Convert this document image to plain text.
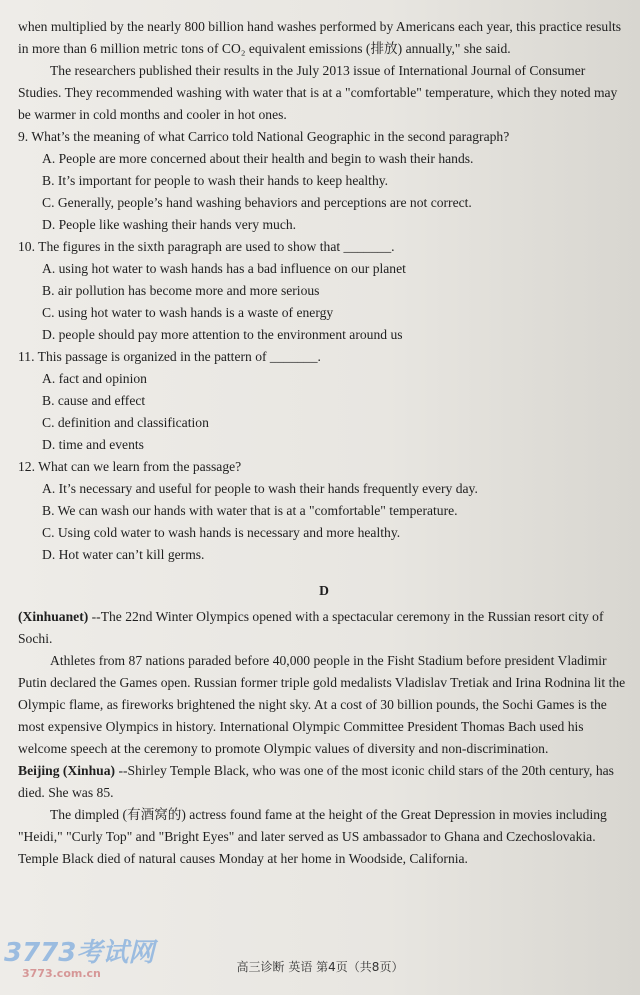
when multiplied by the nearly 800 billion hand washes performed by Americans each year, this practice results in more than 6 million metric tons of CO₂ equivalent emissions (排放) annually," she said.

The researchers published their results in the July 2013 issue of International Journal of Consumer Studies. They recommended washing with water that is at a "comfortable" temperature, which they noted may be warmer in cold months and cooler in hot ones.

9. What’s the meaning of what Carrico told National Geographic in the second paragraph?

A. People are more concerned about their health and begin to wash their hands.

B. It’s important for people to wash their hands to keep healthy.

C. Generally, people’s hand washing behaviors and perceptions are not correct.

D. People like washing their hands very much.

10. The figures in the sixth paragraph are used to show that _______.

A. using hot water to wash hands has a bad influence on our planet

B. air pollution has become more and more serious

C. using hot water to wash hands is a waste of energy

D. people should pay more attention to the environment around us

11. This passage is organized in the pattern of _______.

A. fact and opinion

B. cause and effect

C. definition and classification

D. time and events

12. What can we learn from the passage?

A. It’s necessary and useful for people to wash their hands frequently every day.

B. We can wash our hands with water that is at a "comfortable" temperature.

C. Using cold water to wash hands is necessary and more healthy.

D. Hot water can’t kill germs.

D

(Xinhuanet) --The 22nd Winter Olympics opened with a spectacular ceremony in the Russian resort city of Sochi.

Athletes from 87 nations paraded before 40,000 people in the Fisht Stadium before president Vladimir Putin declared the Games open. Russian former triple gold medalists Vladislav Tretiak and Irina Rodnina lit the Olympic flame, as fireworks brightened the night sky. At a cost of 30 billion pounds, the Sochi Games is the most expensive Olympics in history. International Olympic Committee President Thomas Bach used his welcome speech at the ceremony to promote Olympic values of diversity and non-discrimination.

Beijing (Xinhua) --Shirley Temple Black, who was one of the most iconic child stars of the 20th century, has died. She was 85.

The dimpled (有酒窝的) actress found fame at the height of the Great Depression in movies including "Heidi," "Curly Top" and "Bright Eyes" and later served as US ambassador to Ghana and Czechoslovakia. Temple Black died of natural causes Monday at her home in Woodside, California.

3773考试网
3773.com.cn	高三诊断 英语 第4页（共8页）
